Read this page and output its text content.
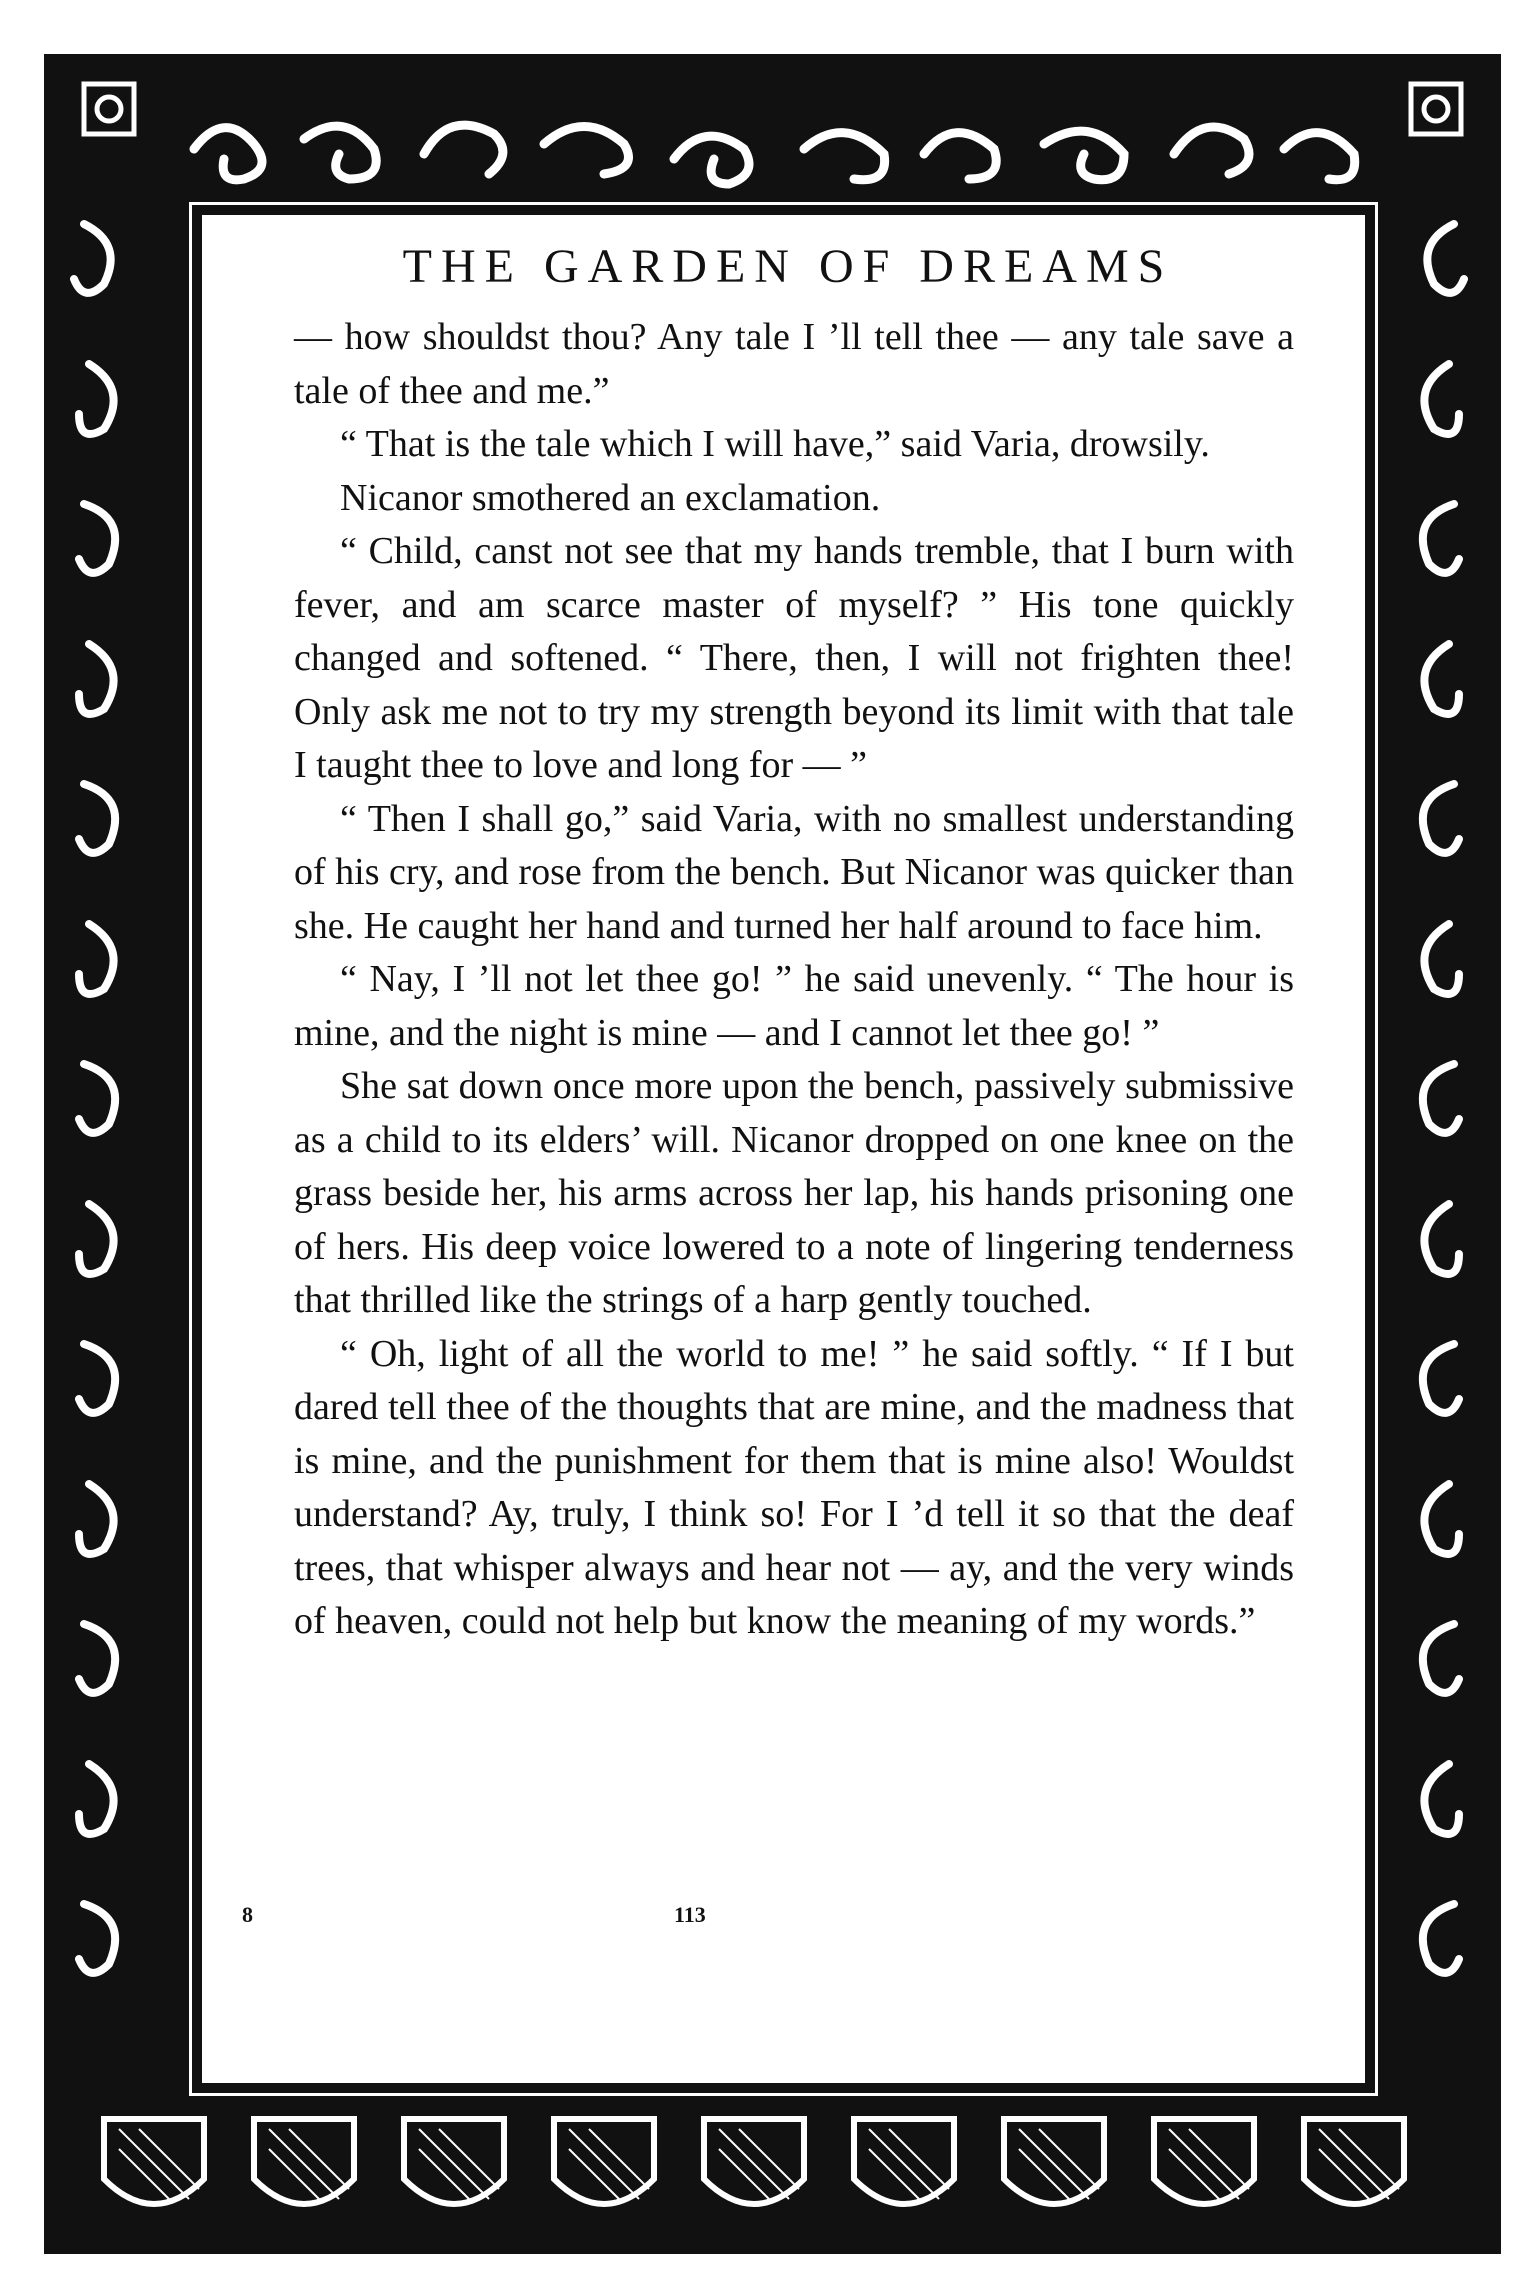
THE GARDEN OF DREAMS

— how shouldst thou? Any tale I ’ll tell thee — any tale save a tale of thee and me.”

“ That is the tale which I will have,” said Varia, drowsily.

Nicanor smothered an exclamation.

“ Child, canst not see that my hands tremble, that I burn with fever, and am scarce master of myself? ” His tone quickly changed and softened. “ There, then, I will not frighten thee! Only ask me not to try my strength beyond its limit with that tale I taught thee to love and long for — ”

“ Then I shall go,” said Varia, with no smallest understanding of his cry, and rose from the bench. But Nicanor was quicker than she. He caught her hand and turned her half around to face him.

“ Nay, I ’ll not let thee go! ” he said unevenly. “ The hour is mine, and the night is mine — and I cannot let thee go! ”

She sat down once more upon the bench, passively submissive as a child to its elders’ will. Nicanor dropped on one knee on the grass beside her, his arms across her lap, his hands prisoning one of hers. His deep voice lowered to a note of lingering tenderness that thrilled like the strings of a harp gently touched.

“ Oh, light of all the world to me! ” he said softly. “ If I but dared tell thee of the thoughts that are mine, and the madness that is mine, and the punishment for them that is mine also! Wouldst understand? Ay, truly, I think so! For I ’d tell it so that the deaf trees, that whisper always and hear not — ay, and the very winds of heaven, could not help but know the meaning of my words.”

8	113
